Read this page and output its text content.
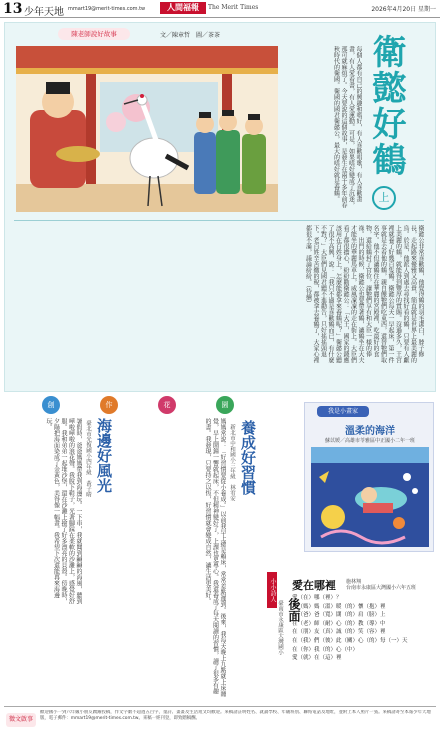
13 少年天地 mmart19@merit-times.com.tw	人間福報	The Merit Times	2026年4月20日 星期一
陳老師說好故事	文／陳章哲　圖／茶茶
每個人都有自己的興趣和嗜好，有人喜歡唱歌，有人喜歡畫畫，有人愛看書，有人愛運動。可是，如果嗜好變成了沉迷，那可就麻煩了。今天要說的這個故事，是發生在兩千多年前春秋時代的衛國。衛國的國君衛懿公，最大的嗜好就是養鶴。 衛懿好鶴
上
衛懿公非常喜歡鶴，他覺得鶴的羽毛潔白，脖子修長，走起路來優雅又高貴，簡直就是世界上最美麗的鳥。於是，他派人到處去尋找好看的鶴，只要有人獻上美麗的鶴，就能得到豐厚的賞賜。沒過多久，王宮裡就養了好幾百隻鶴。衛懿公每天一早起床，第一件事就是去看他的鶴，親自餵牠們吃東西，還替牠們取名字。他不但讓鶴住在華麗的宮殿裡，吃最好的食物，還給鶴封了官位，讓牠們享有和大臣一樣的俸祿。出門的時候，衛懿公也要帶著鶴，讓鶴坐在大夫才能坐的華麗馬車上，威風凜凜的走在街上。大臣們看了都很擔心，紛紛勸衛懿公：「大王，國家的錢應該用在百姓身上，怎麼能都拿來養鶴呢？」衛懿公聽了很不高興，說：「我只不過是喜歡鶴而已，有什麼不對？」大臣們見國君聽不進勸告，只好搖搖頭退下。老百姓辛苦繳的稅，都被拿去養鶴了，大家心裡都很不滿，議論紛紛。（待續）
創	作	花	園
海邊好風光
臺北市光復國小四年級　黃子晴
暑假時，爸爸媽媽帶我到海邊玩。一下車，我就聞到鹹鹹的海風，聽到嘩啦嘩啦的浪花聲。我脫下鞋子，光著腳踩在柔軟的沙灘上，感覺好舒服。我和弟弟一起堆沙堡，還在沙灘上撿了好多漂亮的貝殼。傍晚時，夕陽把海面染成了金黃色，美得像一幅畫。我希望下次還能再來海邊玩。	養成好習慣
新北市中和國小三年級　林宥安
媽媽常說：「好習慣要從小養成。」以前我早上總是賴床，常常差點遲到。後來，我每天晚上九點就上床睡覺，早上鬧鐘一響就起床，不但精神變好了，上課也更專心。我還養成了每天閱讀的習慣，讀了很多有趣的書。我發現，只要持之以恆，好習慣就會變成自然，讓生活更美好。
我是小畫家
溫柔的海洋
蘇苡媛／高雄市苓雅區中正國小二年一班
小小詩人 愛在哪裡 施林翔
台南市永康區大灣國小六年五班
愛（在）哪（裡）？
在（媽）媽（溫）暖（的）懷（抱）裡
在（爸）爸（寬）闊（的）肩（膀）上
在（老）師（耐）心（的）教（導）中
在（朋）友（真）誠（的）笑（容）裡
在（我）們（彼）此（關）心（的）每（一）天
在（你）我（的）心（中）
愛（就）在（這）裡
後面
臺南市永康區大灣國小
徵文啟事
歡迎國小一到六年級小朋友踴躍投稿，作文字數不超過五百字，童詩、畫畫及生活短文均歡迎。來稿請註明姓名、就讀學校、年級班別、聯絡電話及地址，並附上本人照片一張。來稿請寄至本報少年天地版，電子郵件：mmart19@merit-times.com.tw。來稿一經刊登，即致贈稿酬。
